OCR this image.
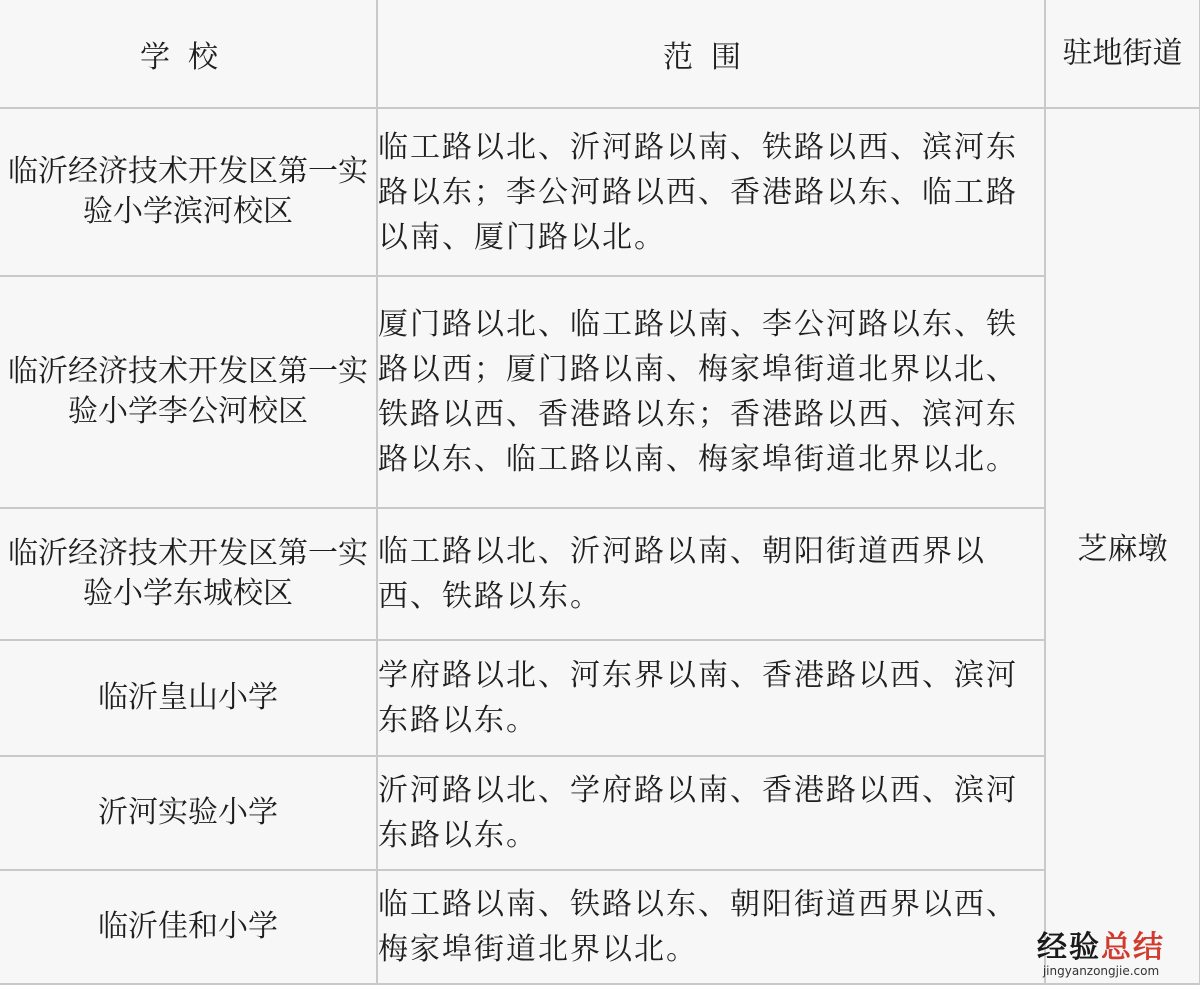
学校	范围	驻地街道
临沂经济技术开发区第一实验小学滨河校区	临工路以北、沂河路以南、铁路以西、滨河东路以东；李公河路以西、香港路以东、临工路以南、厦门路以北。	芝麻墩
临沂经济技术开发区第一实验小学李公河校区	厦门路以北、临工路以南、李公河路以东、铁路以西；厦门路以南、梅家埠街道北界以北、铁路以西、香港路以东；香港路以西、滨河东路以东、临工路以南、梅家埠街道北界以北。	
临沂经济技术开发区第一实验小学东城校区	临工路以北、沂河路以南、朝阳街道西界以西、铁路以东。	
临沂皇山小学	学府路以北、河东界以南、香港路以西、滨河东路以东。	
沂河实验小学	沂河路以北、学府路以南、香港路以西、滨河东路以东。	
临沂佳和小学	临工路以南、铁路以东、朝阳街道西界以西、梅家埠街道北界以北。		经验总结
jingyanzongjie.com
